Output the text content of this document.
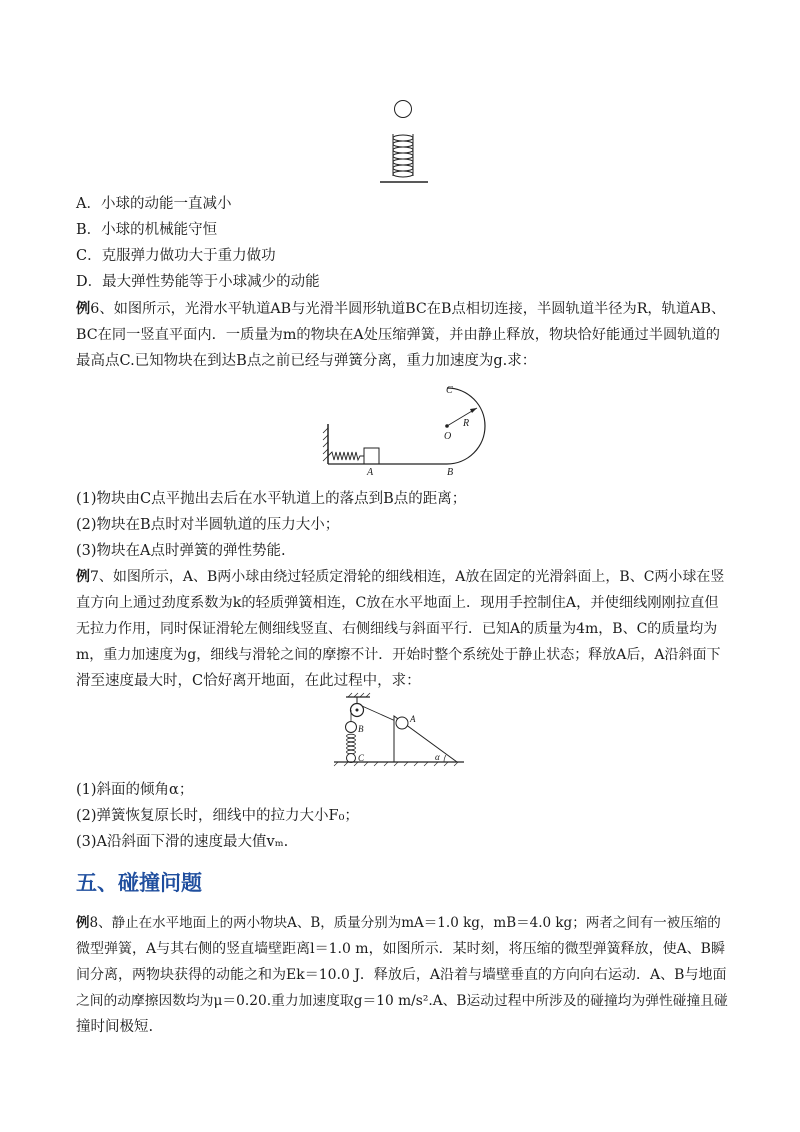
A．小球的动能一直减小
B．小球的机械能守恒
C．克服弹力做功大于重力做功
D．最大弹性势能等于小球减少的动能
例6、如图所示，光滑水平轨道AB与光滑半圆形轨道BC在B点相切连接，半圆轨道半径为R，轨道AB、
BC在同一竖直平面内．一质量为m的物块在A处压缩弹簧，并由静止释放，物块恰好能通过半圆轨道的
最高点C.已知物块在到达B点之前已经与弹簧分离，重力加速度为g.求：
C
R
O
A	B
(1)物块由C点平抛出去后在水平轨道上的落点到B点的距离；
(2)物块在B点时对半圆轨道的压力大小；
(3)物块在A点时弹簧的弹性势能.
例7、如图所示，A、B两小球由绕过轻质定滑轮的细线相连，A放在固定的光滑斜面上，B、C两小球在竖
直方向上通过劲度系数为k的轻质弹簧相连，C放在水平地面上．现用手控制住A，并使细线刚刚拉直但
无拉力作用，同时保证滑轮左侧细线竖直、右侧细线与斜面平行．已知A的质量为4m，B、C的质量均为
m，重力加速度为g，细线与滑轮之间的摩擦不计．开始时整个系统处于静止状态；释放A后，A沿斜面下
滑至速度最大时，C恰好离开地面，在此过程中，求：
A
B
C	α
(1)斜面的倾角α；
(2)弹簧恢复原长时，细线中的拉力大小F₀；
(3)A沿斜面下滑的速度最大值vₘ.
五、碰撞问题
例8、静止在水平地面上的两小物块A、B，质量分别为mA＝1.0 kg，mB＝4.0 kg；两者之间有一被压缩的
微型弹簧，A与其右侧的竖直墙壁距离l＝1.0 m，如图所示．某时刻，将压缩的微型弹簧释放，使A、B瞬
间分离，两物块获得的动能之和为Ek＝10.0 J．释放后，A沿着与墙壁垂直的方向向右运动．A、B与地面
之间的动摩擦因数均为μ＝0.20.重力加速度取g＝10 m/s².A、B运动过程中所涉及的碰撞均为弹性碰撞且碰
撞时间极短.
